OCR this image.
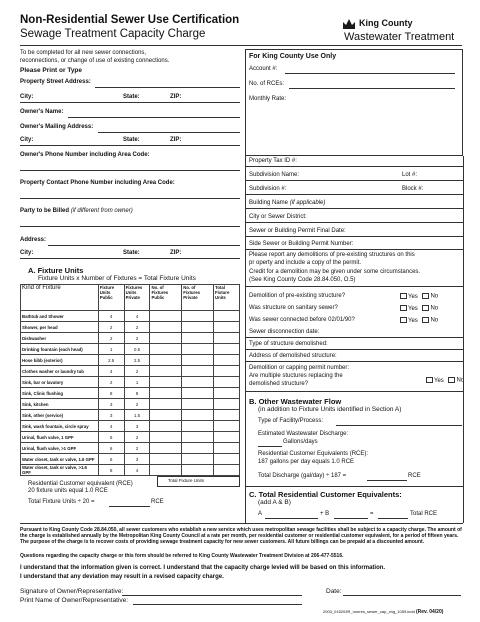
Non-Residential Sewer Use Certification
Sewage Treatment Capacity Charge
King County
Wastewater Treatment
To be completed for all new sewer connections,
reconnections, or change of use of existing connections.
Please Print or Type
Property Street Address:
City:	State:	ZIP:
Owner's Name:
Owner's Mailing Address:
City:	State:	ZIP:
Owner's Phone Number including Area Code:
Property Contact Phone Number including Area Code:
Party to be Billed (if different from owner)
Address:
City:	State:	ZIP:
A. Fixture Units
Fixture Units x Number of Fixtures = Total Fixture Units
Kind of Fixture	Fixture Units Public	Fixtures Units Private	No. of Fixtures Public	No. of Fixtures Private	Total Fixture Units
Bathtub and Shower	4	4			
Shower, per head	2	2			
Dishwasher	2	2			
Drinking fountain (each head)	1	0.5			
Hose bibb (exterior)	2.5	2.5			
Clothes washer or laundry tub	4	2			
Sink, bar or lavatory	2	1			
Sink, Clinic flushing	8	8			
Sink, kitchen	3	2			
Sink, other (service)	3	1.5			
Sink, wash fountain, circle spray	4	3			
Urinal, flush valve, 1 GPF	5	2			
Urinal, flush valve, >1 GPF	6	2			
Water closet, tank or valve, 1.6 GPF	6	3			
Water closet, tank or valve, >1.6 GPF	8	4			
Total Fixture Units
Residential Customer equivalent (RCE)
20 fixture units equal 1.0 RCE
Total Fixture Units ÷ 20 =	RCE
For King County Use Only
Account #:
No. of RCEs:
Monthly Rate:
Property Tax ID #:
Subdivision Name:	Lot #:
Subdivision #:	Block #:
Building Name (if applicable)
City or Sewer District:
Sewer or Building Permit Final Date:
Side Sewer or Building Permit Number:
Please report any demolitions of pre-existing structures on this
pr operty and include a copy of the permit.
Credit for a demolition may be given under some circumstances.
(See King County Code 28.84.050, O.5)
Demolition of pre-existing structure?	Yes No
Was structure on sanitary sewer?	Yes No
Was sewer connected before 02/01/90?	Yes No
Sewer disconnection date:
Type of structure demolished:
Address of demolished structure:
Demolition or capping permit number:
Are multiple stuctures replacing the
demolished structure?
Yes No
B. Other Wastewater Flow
(in addition to Fixture Units identified in Section A)
Type of Facility/Process:
Estimated Wastewater Discharge:
Gallons/days
Residential Customer Equivalents (RCE):
187 gallons per day equals 1.0 RCE
Total Discharge (gal/day) ÷ 187 =	RCE
C. Total Residential Customer Equivalents:
(add A & B)
A	+ B	=	Total RCE
Pursuant to King County Code 28.84.050, all sewer customers who establish a new service which uses metropolitan sewage facilities shall be subject to a capacity charge. The amount of the charge is established annually by the Metropolitan King County Council at a rate per month, per residential customer or residential customer equivalent, for a period of fifteen years. The purpose of the charge is to recover costs of providing sewage treatment capacity for new sewer customers. All future billings can be prepaid at a discounted amount.
Questions regarding the capacity charge or this form should be referred to King County Wastewater Treatment Division at 206-477-5516.
I understand that the information given is correct. I understand that the capacity charge levied will be based on this information.
I understand that any deviation may result in a revised capacity charge.
Signature of Owner/Representative:	Date:
Print Name of Owner/Representative:
2003_015203R_nonres_sewer_cap_chg_1059.indd (Rev. 04/20)
